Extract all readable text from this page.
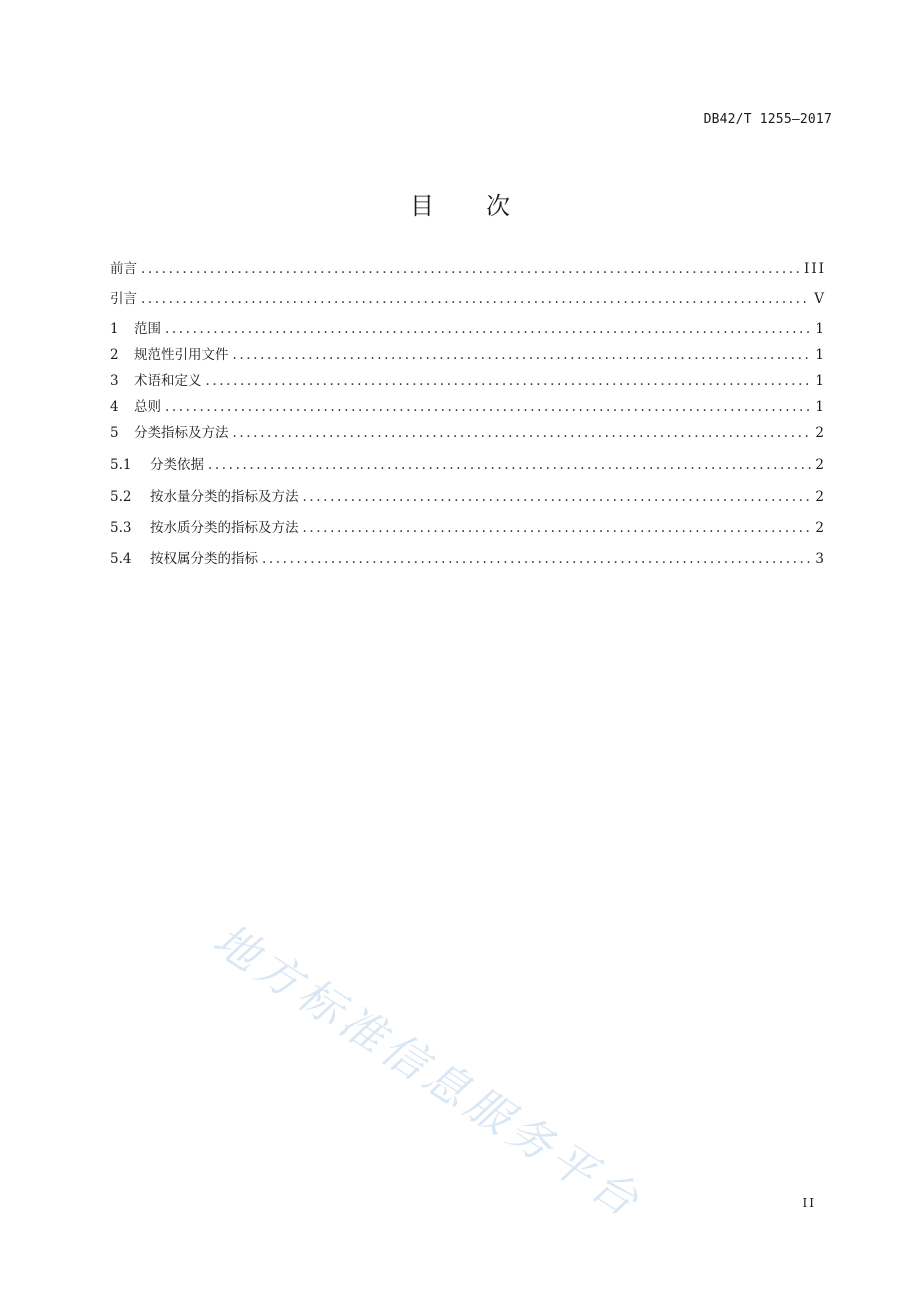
DB42/T 1255—2017
目 次
前言 .....	III
引言 .....	V
1	范围 .....	1
2	规范性引用文件 .....	1
3	术语和定义 .....	1
4	总则 .....	1
5	分类指标及方法 .....	2
5.1	分类依据 .....	2
5.2	按水量分类的指标及方法 .....	2
5.3	按水质分类的指标及方法 .....	2
5.4	按权属分类的指标 .....	3
地方标准信息服务平台	II
